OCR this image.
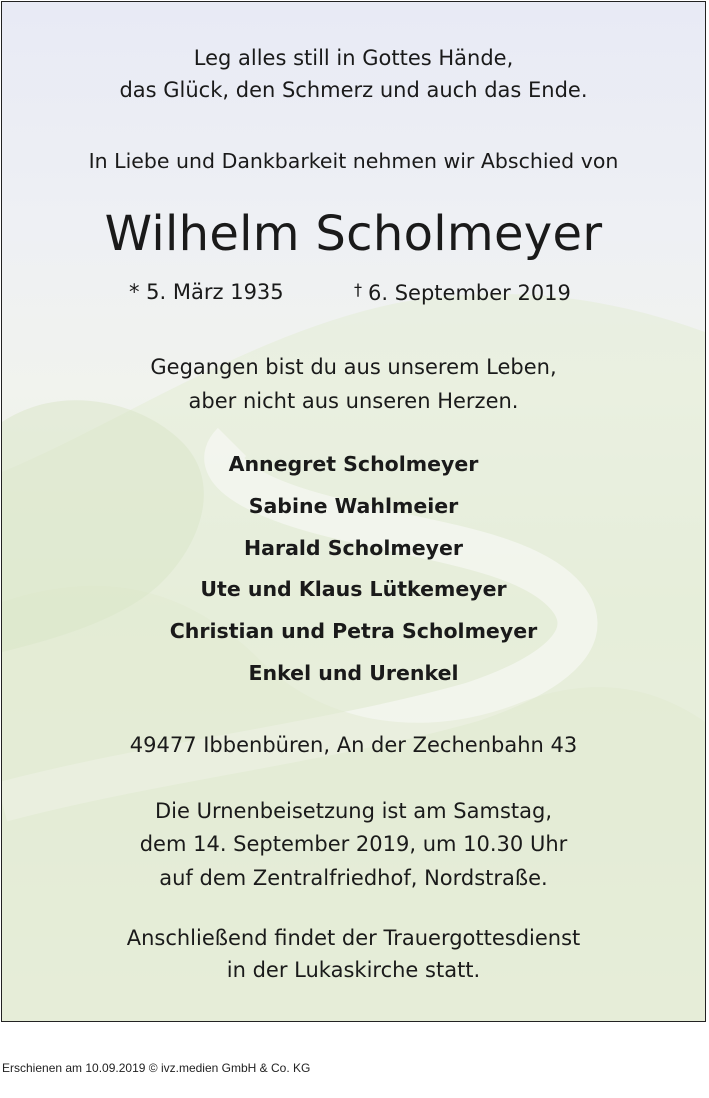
Leg alles still in Gottes Hände,
das Glück, den Schmerz und auch das Ende.
In Liebe und Dankbarkeit nehmen wir Abschied von
Wilhelm Scholmeyer
* 5. März 1935	† 6. September 2019
Gegangen bist du aus unserem Leben,
aber nicht aus unseren Herzen.
Annegret Scholmeyer
Sabine Wahlmeier
Harald Scholmeyer
Ute und Klaus Lütkemeyer
Christian und Petra Scholmeyer
Enkel und Urenkel
49477 Ibbenbüren, An der Zechenbahn 43
Die Urnenbeisetzung ist am Samstag,
dem 14. September 2019, um 10.30 Uhr
auf dem Zentralfriedhof, Nordstraße.
Anschließend findet der Trauergottesdienst
in der Lukaskirche statt.
Erschienen am 10.09.2019 © ivz.medien GmbH & Co. KG
